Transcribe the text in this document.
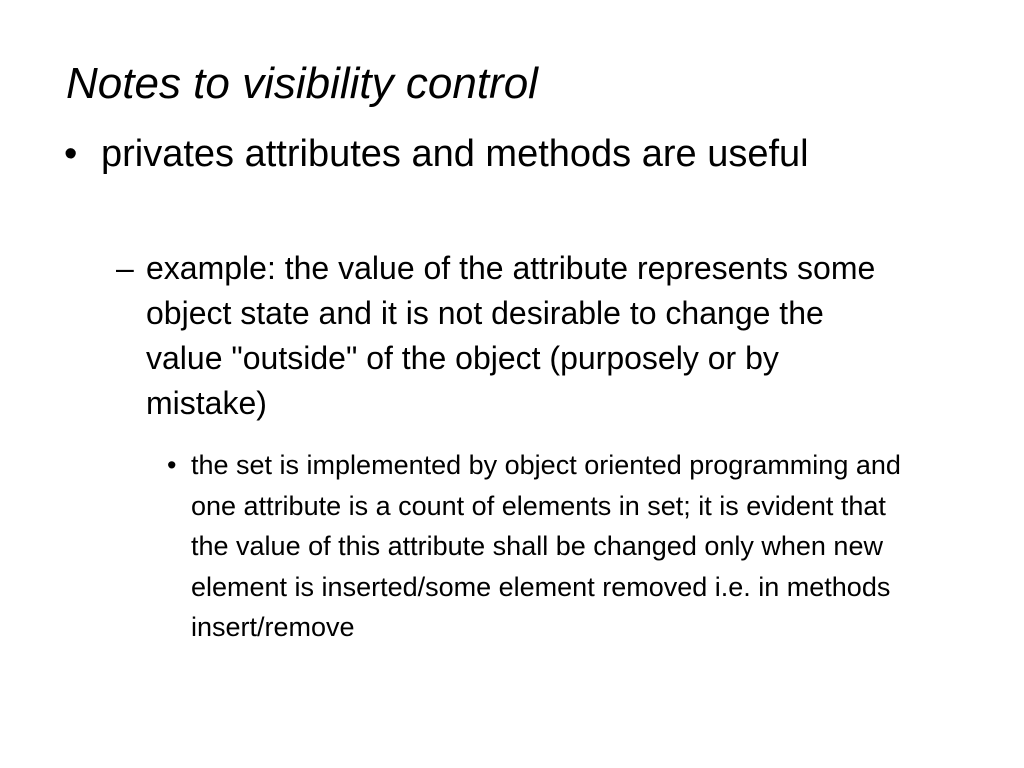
Notes to visibility control
• privates attributes and methods are useful
– example: the value of the attribute represents some object state and it is not desirable to change the value "outside" of the object (purposely or by mistake)
• the set is implemented by object oriented programming and one attribute is a count of elements in set; it is evident that the value of this attribute shall be changed only when new element is inserted/some element removed i.e. in methods insert/remove
